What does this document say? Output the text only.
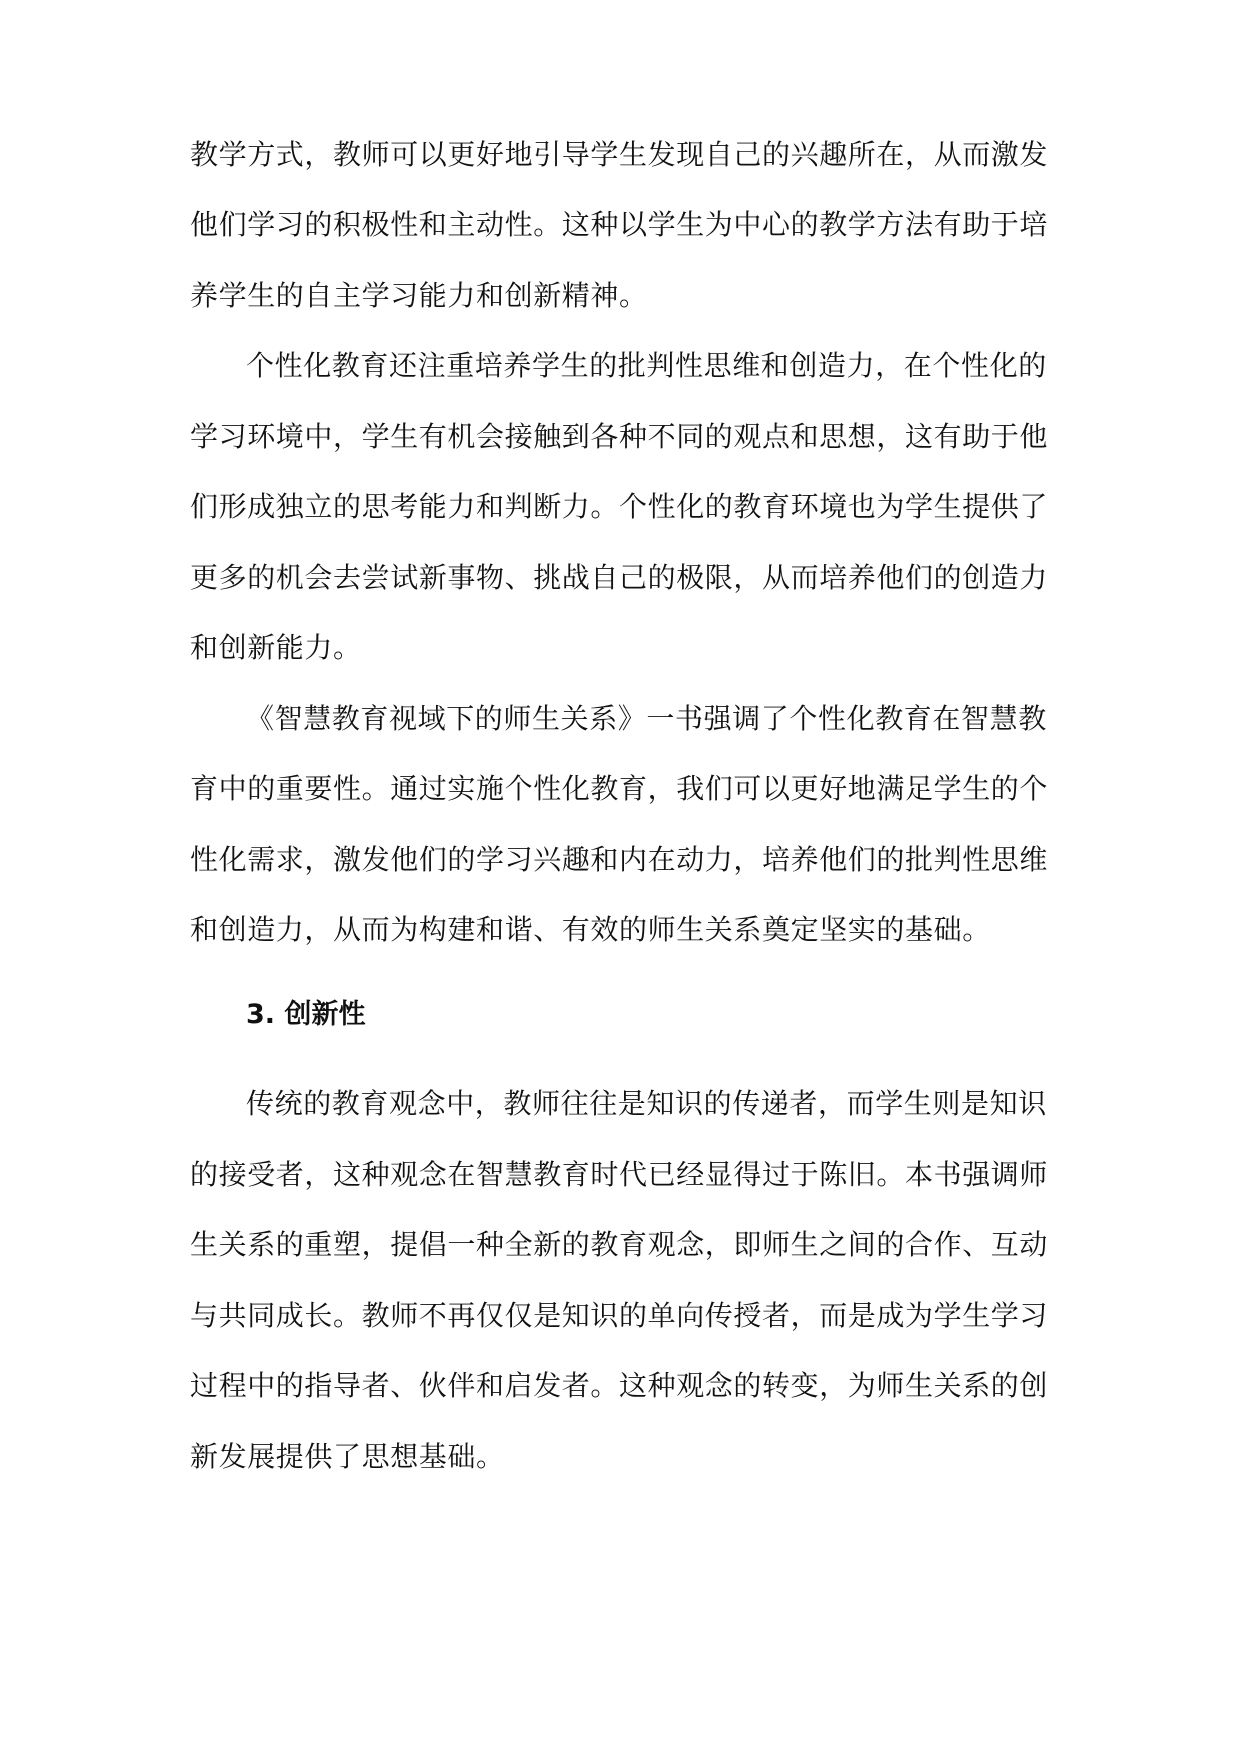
教学方式，教师可以更好地引导学生发现自己的兴趣所在，从而激发
他们学习的积极性和主动性。这种以学生为中心的教学方法有助于培
养学生的自主学习能力和创新精神。
个性化教育还注重培养学生的批判性思维和创造力，在个性化的
学习环境中，学生有机会接触到各种不同的观点和思想，这有助于他
们形成独立的思考能力和判断力。个性化的教育环境也为学生提供了
更多的机会去尝试新事物、挑战自己的极限，从而培养他们的创造力
和创新能力。
《智慧教育视域下的师生关系》一书强调了个性化教育在智慧教
育中的重要性。通过实施个性化教育，我们可以更好地满足学生的个
性化需求，激发他们的学习兴趣和内在动力，培养他们的批判性思维
和创造力，从而为构建和谐、有效的师生关系奠定坚实的基础。
3. 创新性
传统的教育观念中，教师往往是知识的传递者，而学生则是知识
的接受者，这种观念在智慧教育时代已经显得过于陈旧。本书强调师
生关系的重塑，提倡一种全新的教育观念，即师生之间的合作、互动
与共同成长。教师不再仅仅是知识的单向传授者，而是成为学生学习
过程中的指导者、伙伴和启发者。这种观念的转变，为师生关系的创
新发展提供了思想基础。
